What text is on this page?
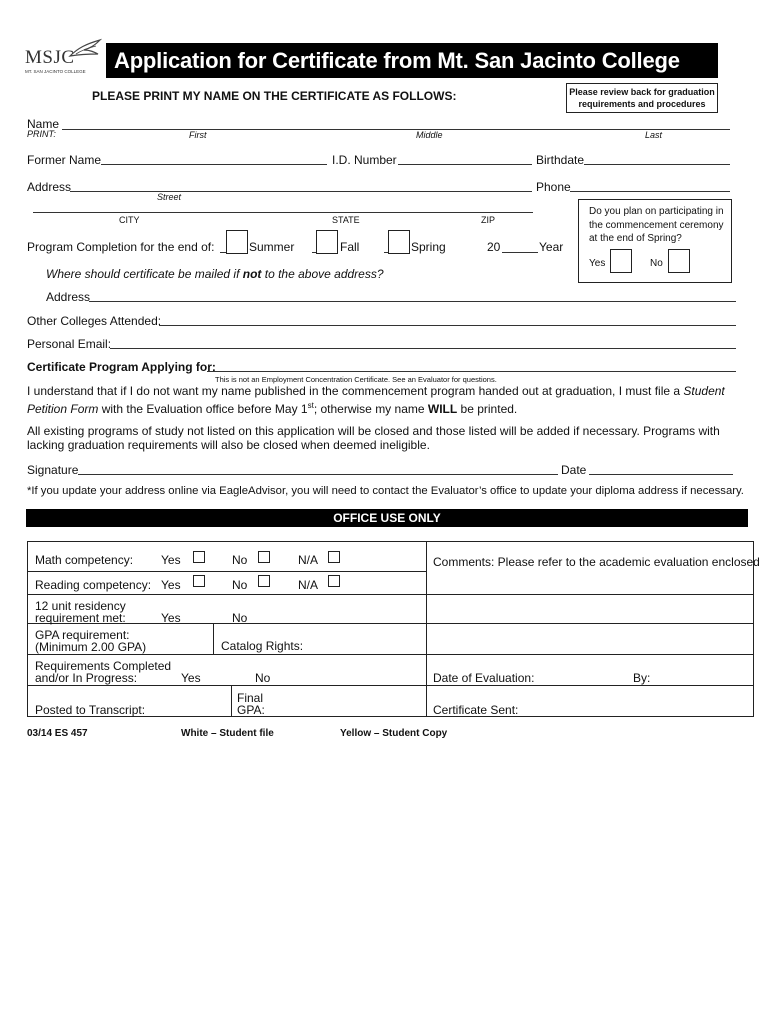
MSJC
MT. SAN JACINTO COLLEGE Application for Certificate from Mt. San Jacinto College
PLEASE PRINT MY NAME ON THE CERTIFICATE AS FOLLOWS:	Please review back for graduation requirements and procedures
Name
PRINT:	First	Middle	Last
Former Name	I.D. Number	Birthdate
Address
Street
Phone
CITY	STATE	ZIP
Do you plan on participating in the commencement ceremony at the end of Spring?
Yes	No
Program Completion for the end of:	Summer	Fall	Spring	20	Year
Where should certificate be mailed if not to the above address?
Address
Other Colleges Attended:
Personal Email:
Certificate Program Applying for:
This is not an Employment Concentration Certificate. See an Evaluator for questions.
I understand that if I do not want my name published in the commencement program handed out at graduation, I must file a Student Petition Form with the Evaluation office before May 1st; otherwise my name WILL be printed.
All existing programs of study not listed on this application will be closed and those listed will be added if necessary. Programs with lacking graduation requirements will also be closed when deemed ineligible.
Signature	Date
*If you update your address online via EagleAdvisor, you will need to contact the Evaluator’s office to update your diploma address if necessary.
OFFICE USE ONLY
Math competency: Yes	No	N/A	Comments: Please refer to the academic evaluation enclosed
Reading competency: Yes	No	N/A
12 unit residency
requirement met:	Yes	No
GPA requirement:
(Minimum 2.00 GPA)	Catalog Rights:
Requirements Completed
and/or In Progress:	Yes	No	Date of Evaluation:	By:
Posted to Transcript:
Final
GPA:	Certificate Sent:
03/14 ES 457	White – Student file	Yellow – Student Copy
